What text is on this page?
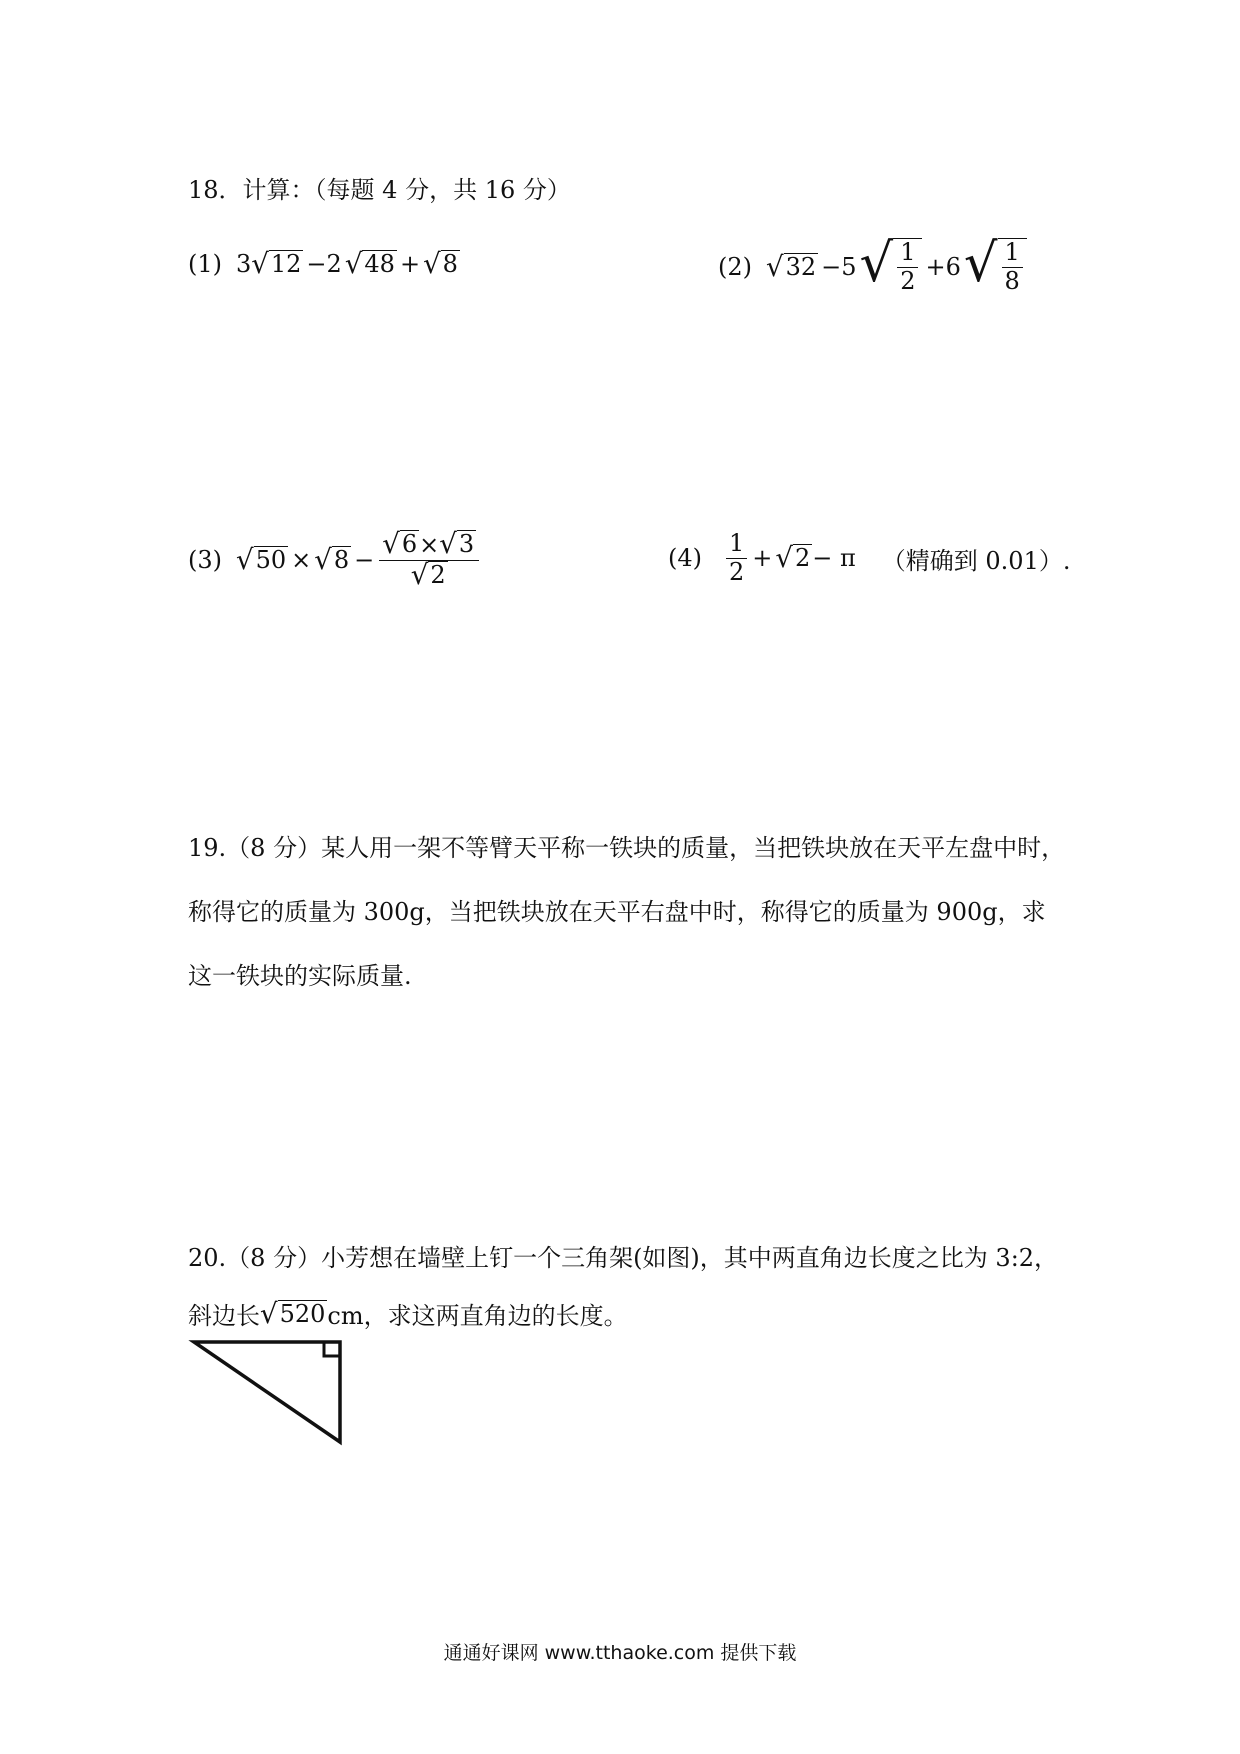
18．计算：（每题 4 分，共 16 分）
(1) 3 √ 12 −2 √ 48 + √ 8	(2) √ 32 −5 √ $\frac{1}{2} +6$ √ $\frac{1}{8}$
(3) √ 50 × √ $8 - \frac{√ 6 \times √ 3}{√ 2}$	$(4) \frac{1}{2}$ + √ 2 − π （精确到 0.01）.
19.（8 分）某人用一架不等臂天平称一铁块的质量，当把铁块放在天平左盘中时，
称得它的质量为 300g，当把铁块放在天平右盘中时，称得它的质量为 900g，求
这一铁块的实际质量.
20.（8 分）小芳想在墙壁上钉一个三角架(如图)，其中两直角边长度之比为 3:2，
斜边长 √ 520 cm，求这两直角边的长度。
通通好课网 www.tthaoke.com 提供下载
